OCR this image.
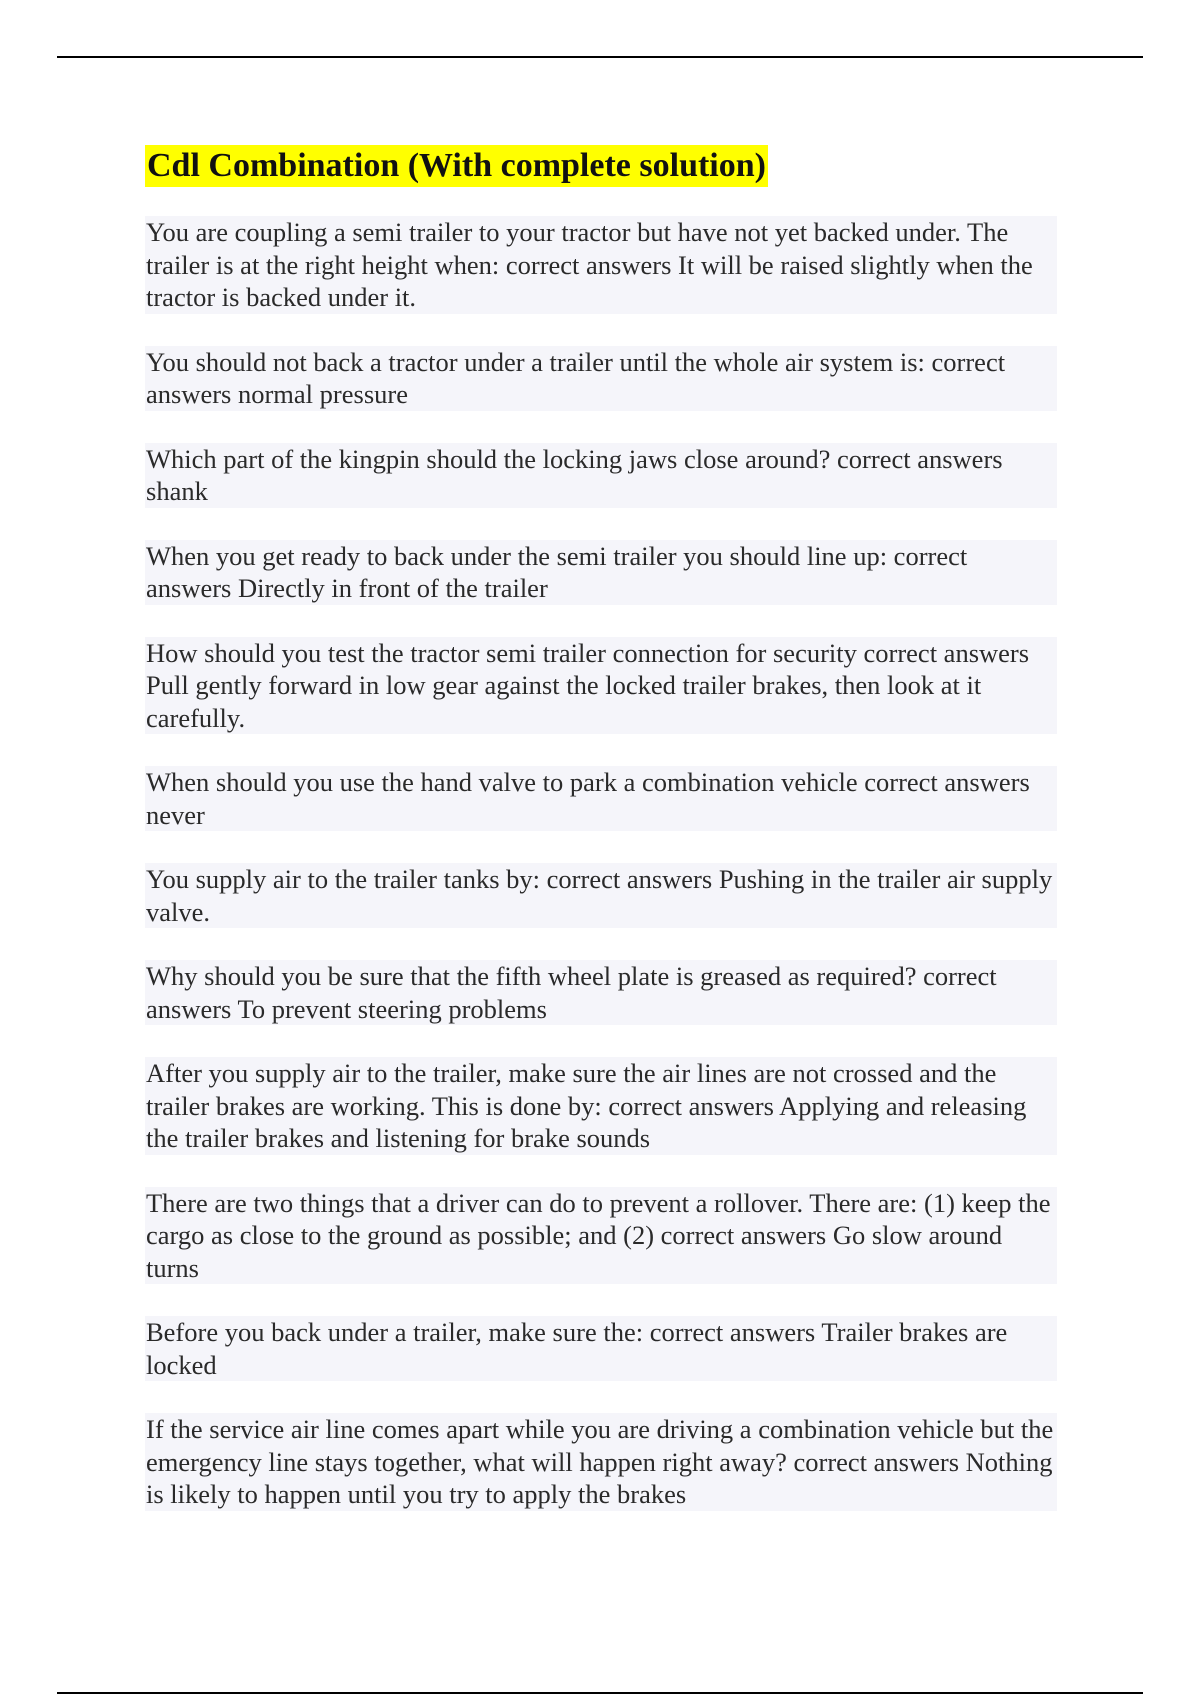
Cdl Combination (With complete solution)

You are coupling a semi trailer to your tractor but have not yet backed under. The trailer is at the right height when: correct answers It will be raised slightly when the tractor is backed under it.

You should not back a tractor under a trailer until the whole air system is: correct answers normal pressure

Which part of the kingpin should the locking jaws close around? correct answers shank

When you get ready to back under the semi trailer you should line up: correct answers Directly in front of the trailer

How should you test the tractor semi trailer connection for security correct answers Pull gently forward in low gear against the locked trailer brakes, then look at it carefully.

When should you use the hand valve to park a combination vehicle correct answers never

You supply air to the trailer tanks by: correct answers Pushing in the trailer air supply valve.

Why should you be sure that the fifth wheel plate is greased as required? correct answers To prevent steering problems

After you supply air to the trailer, make sure the air lines are not crossed and the trailer brakes are working. This is done by: correct answers Applying and releasing the trailer brakes and listening for brake sounds

There are two things that a driver can do to prevent a rollover. There are: (1) keep the cargo as close to the ground as possible; and (2) correct answers Go slow around turns

Before you back under a trailer, make sure the: correct answers Trailer brakes are locked

If the service air line comes apart while you are driving a combination vehicle but the emergency line stays together, what will happen right away? correct answers Nothing is likely to happen until you try to apply the brakes
